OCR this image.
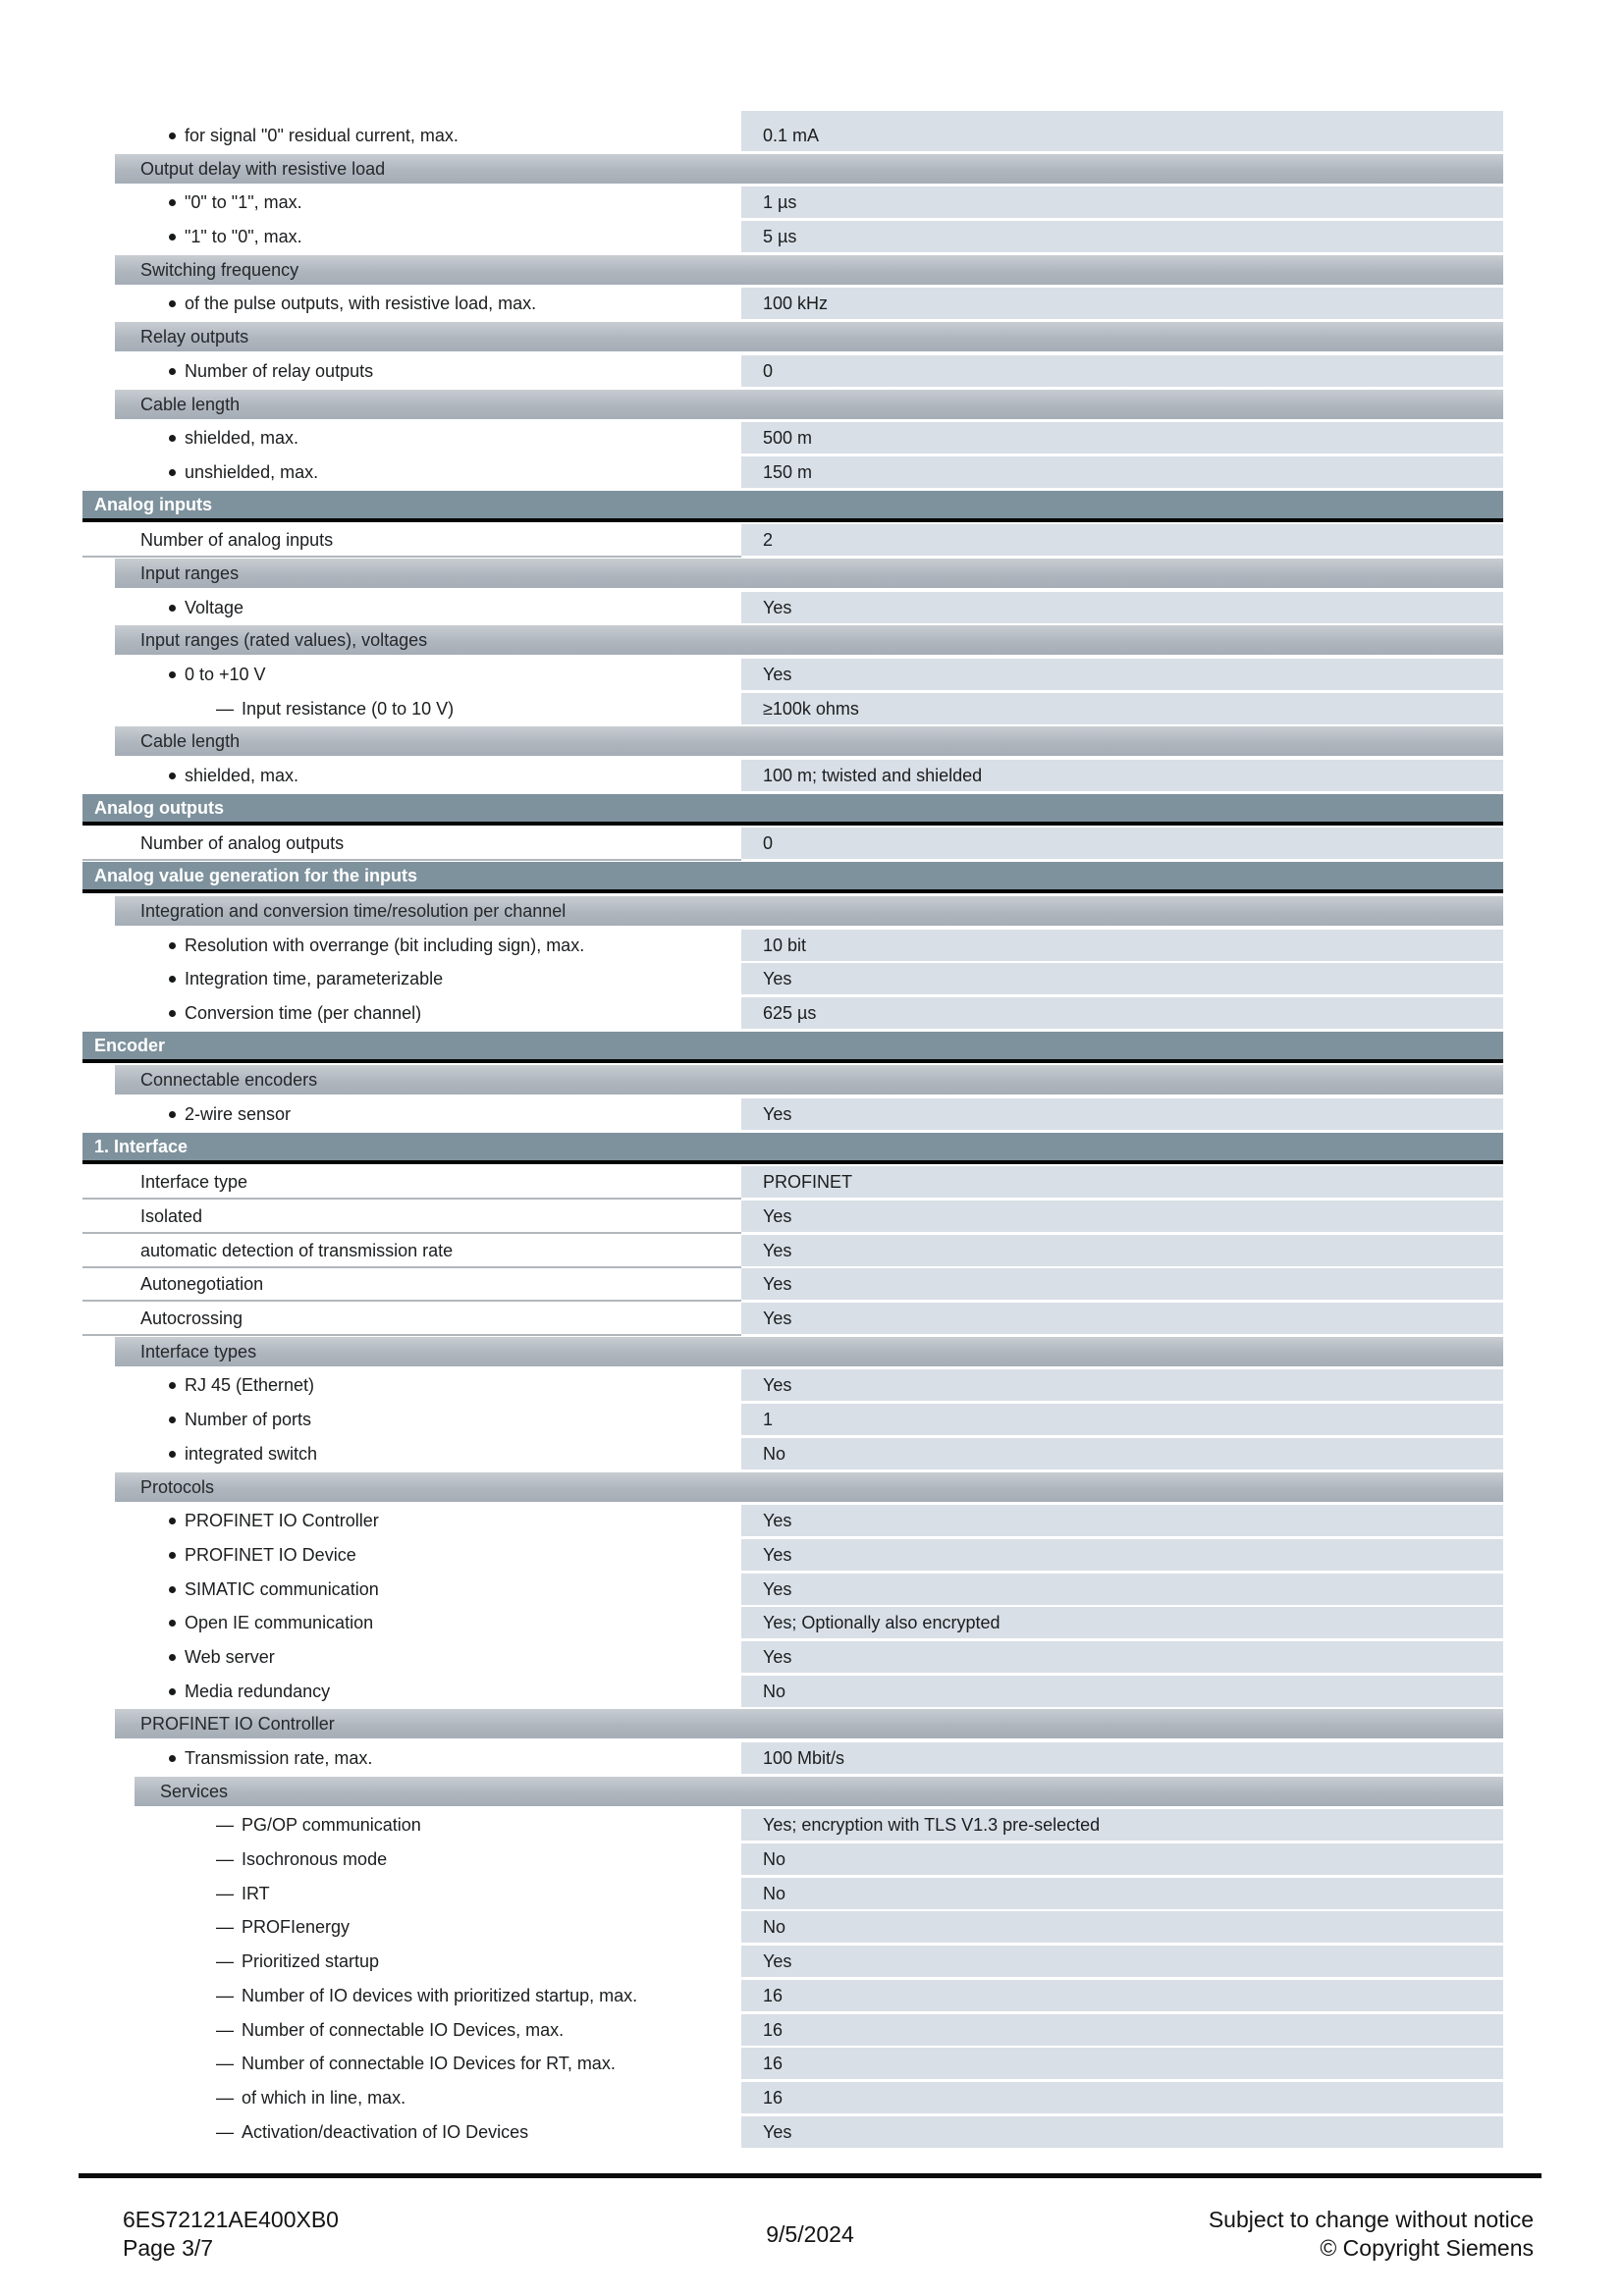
for signal "0" residual current, max.	0.1 mA
Output delay with resistive load
"0" to "1", max.	1 µs
"1" to "0", max.	5 µs
Switching frequency
of the pulse outputs, with resistive load, max.	100 kHz
Relay outputs
Number of relay outputs	0
Cable length
shielded, max.	500 m
unshielded, max.	150 m
Analog inputs
Number of analog inputs	2
Input ranges
Voltage	Yes
Input ranges (rated values), voltages
0 to +10 V	Yes
— Input resistance (0 to 10 V)	≥100k ohms
Cable length
shielded, max.	100 m; twisted and shielded
Analog outputs
Number of analog outputs	0
Analog value generation for the inputs
Integration and conversion time/resolution per channel
Resolution with overrange (bit including sign), max.	10 bit
Integration time, parameterizable	Yes
Conversion time (per channel)	625 µs
Encoder
Connectable encoders
2-wire sensor	Yes
1. Interface
Interface type	PROFINET
Isolated	Yes
automatic detection of transmission rate	Yes
Autonegotiation	Yes
Autocrossing	Yes
Interface types
RJ 45 (Ethernet)	Yes
Number of ports	1
integrated switch	No
Protocols
PROFINET IO Controller	Yes
PROFINET IO Device	Yes
SIMATIC communication	Yes
Open IE communication	Yes; Optionally also encrypted
Web server	Yes
Media redundancy	No
PROFINET IO Controller
Transmission rate, max.	100 Mbit/s
Services
— PG/OP communication	Yes; encryption with TLS V1.3 pre-selected
— Isochronous mode	No
— IRT	No
— PROFIenergy	No
— Prioritized startup	Yes
— Number of IO devices with prioritized startup, max.	16
— Number of connectable IO Devices, max.	16
— Number of connectable IO Devices for RT, max.	16
— of which in line, max.	16
— Activation/deactivation of IO Devices	Yes
6ES72121AE400XB0
Page 3/7
9/5/2024
Subject to change without notice
© Copyright Siemens
